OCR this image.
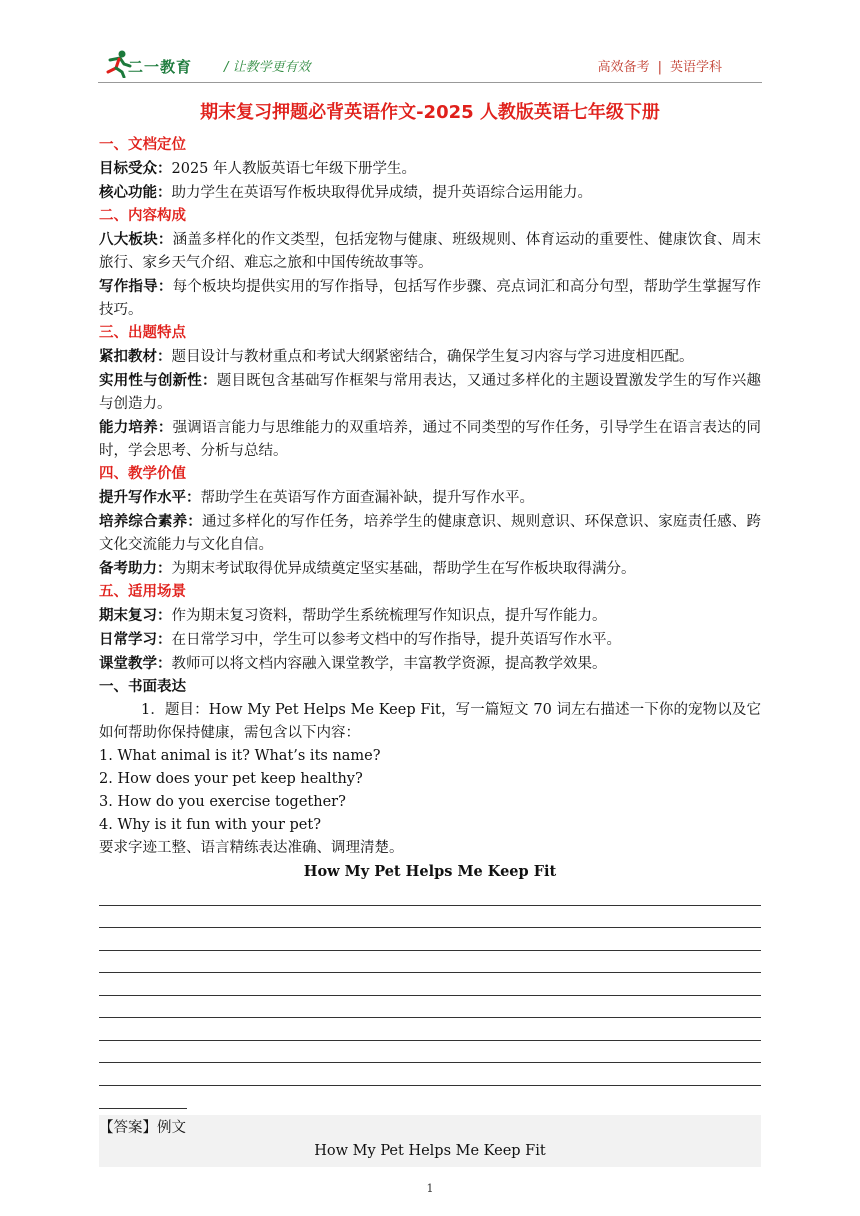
二一教育 / 让教学更有效	高效备考 | 英语学科
期末复习押题必背英语作文-2025 人教版英语七年级下册
一、文档定位
目标受众：2025 年人教版英语七年级下册学生。
核心功能：助力学生在英语写作板块取得优异成绩，提升英语综合运用能力。
二、内容构成
八大板块：涵盖多样化的作文类型，包括宠物与健康、班级规则、体育运动的重要性、健康饮食、周末旅行、家乡天气介绍、难忘之旅和中国传统故事等。
写作指导：每个板块均提供实用的写作指导，包括写作步骤、亮点词汇和高分句型，帮助学生掌握写作技巧。
三、出题特点
紧扣教材：题目设计与教材重点和考试大纲紧密结合，确保学生复习内容与学习进度相匹配。
实用性与创新性：题目既包含基础写作框架与常用表达，又通过多样化的主题设置激发学生的写作兴趣与创造力。
能力培养：强调语言能力与思维能力的双重培养，通过不同类型的写作任务，引导学生在语言表达的同时，学会思考、分析与总结。
四、教学价值
提升写作水平：帮助学生在英语写作方面查漏补缺，提升写作水平。
培养综合素养：通过多样化的写作任务，培养学生的健康意识、规则意识、环保意识、家庭责任感、跨文化交流能力与文化自信。
备考助力：为期末考试取得优异成绩奠定坚实基础，帮助学生在写作板块取得满分。
五、适用场景
期末复习：作为期末复习资料，帮助学生系统梳理写作知识点，提升写作能力。
日常学习：在日常学习中，学生可以参考文档中的写作指导，提升英语写作水平。
课堂教学：教师可以将文档内容融入课堂教学，丰富教学资源，提高教学效果。
一、书面表达
1．题目：How My Pet Helps Me Keep Fit，写一篇短文 70 词左右描述一下你的宠物以及它如何帮助你保持健康，需包含以下内容：
1. What animal is it? What’s its name?
2. How does your pet keep healthy?
3. How do you exercise together?
4. Why is it fun with your pet?
要求字迹工整、语言精练表达准确、调理清楚。
How My Pet Helps Me Keep Fit
【答案】例文
How My Pet Helps Me Keep Fit
1
